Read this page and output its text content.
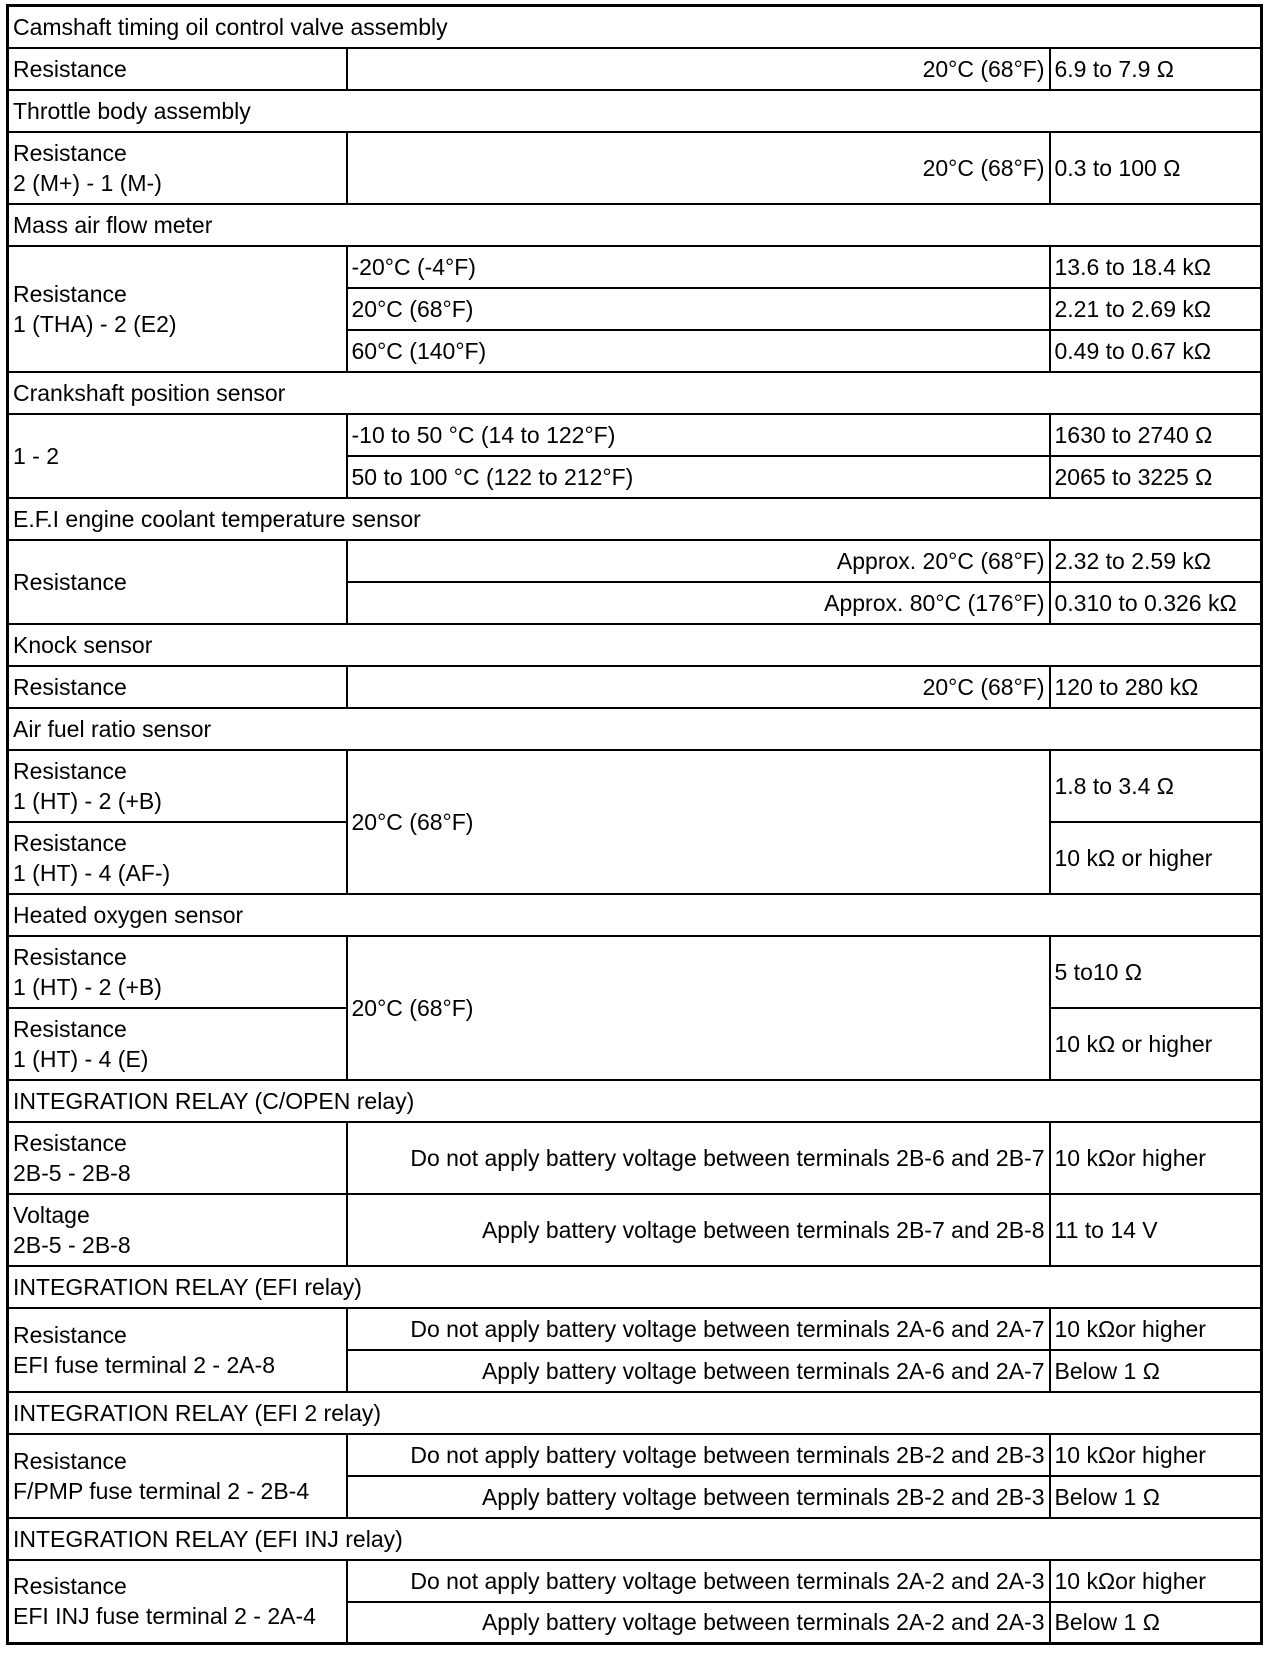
Camshaft timing oil control valve assembly		
Resistance	20°C (68°F)	6.9 to 7.9 Ω
Throttle body assembly		

Resistance
2 (M+) - 1 (M-)	20°C (68°F)	0.3 to 100 Ω
Mass air flow meter		

Resistance
1 (THA) - 2 (E2)	-20°C (-4°F)	13.6 to 18.4 kΩ
	20°C (68°F)	2.21 to 2.69 kΩ
	60°C (140°F)	0.49 to 0.67 kΩ
Crankshaft position sensor		
1 - 2	-10 to 50 °C (14 to 122°F)	1630 to 2740 Ω
	50 to 100 °C (122 to 212°F)	2065 to 3225 Ω
E.F.I engine coolant temperature sensor		
Resistance	Approx. 20°C (68°F)	2.32 to 2.59 kΩ
	Approx. 80°C (176°F)	0.310 to 0.326 kΩ
Knock sensor		
Resistance	20°C (68°F)	120 to 280 kΩ
Air fuel ratio sensor		

Resistance
1 (HT) - 2 (+B)	20°C (68°F)	1.8 to 3.4 Ω

Resistance
1 (HT) - 4 (AF-)		10 kΩ or higher
Heated oxygen sensor		

Resistance
1 (HT) - 2 (+B)	20°C (68°F)	5 to10 Ω

Resistance
1 (HT) - 4 (E)		10 kΩ or higher
INTEGRATION RELAY (C/OPEN relay)		

Resistance
2B-5 - 2B-8	Do not apply battery voltage between terminals 2B-6 and 2B-7	10 kΩor higher

Voltage
2B-5 - 2B-8	Apply battery voltage between terminals 2B-7 and 2B-8	11 to 14 V
INTEGRATION RELAY (EFI relay)		

Resistance
EFI fuse terminal 2 - 2A-8	Do not apply battery voltage between terminals 2A-6 and 2A-7	10 kΩor higher
	Apply battery voltage between terminals 2A-6 and 2A-7	Below 1 Ω
INTEGRATION RELAY (EFI 2 relay)		

Resistance
F/PMP fuse terminal 2 - 2B-4	Do not apply battery voltage between terminals 2B-2 and 2B-3	10 kΩor higher
	Apply battery voltage between terminals 2B-2 and 2B-3	Below 1 Ω
INTEGRATION RELAY (EFI INJ relay)		

Resistance
EFI INJ fuse terminal 2 - 2A-4	Do not apply battery voltage between terminals 2A-2 and 2A-3	10 kΩor higher
	Apply battery voltage between terminals 2A-2 and 2A-3	Below 1 Ω
